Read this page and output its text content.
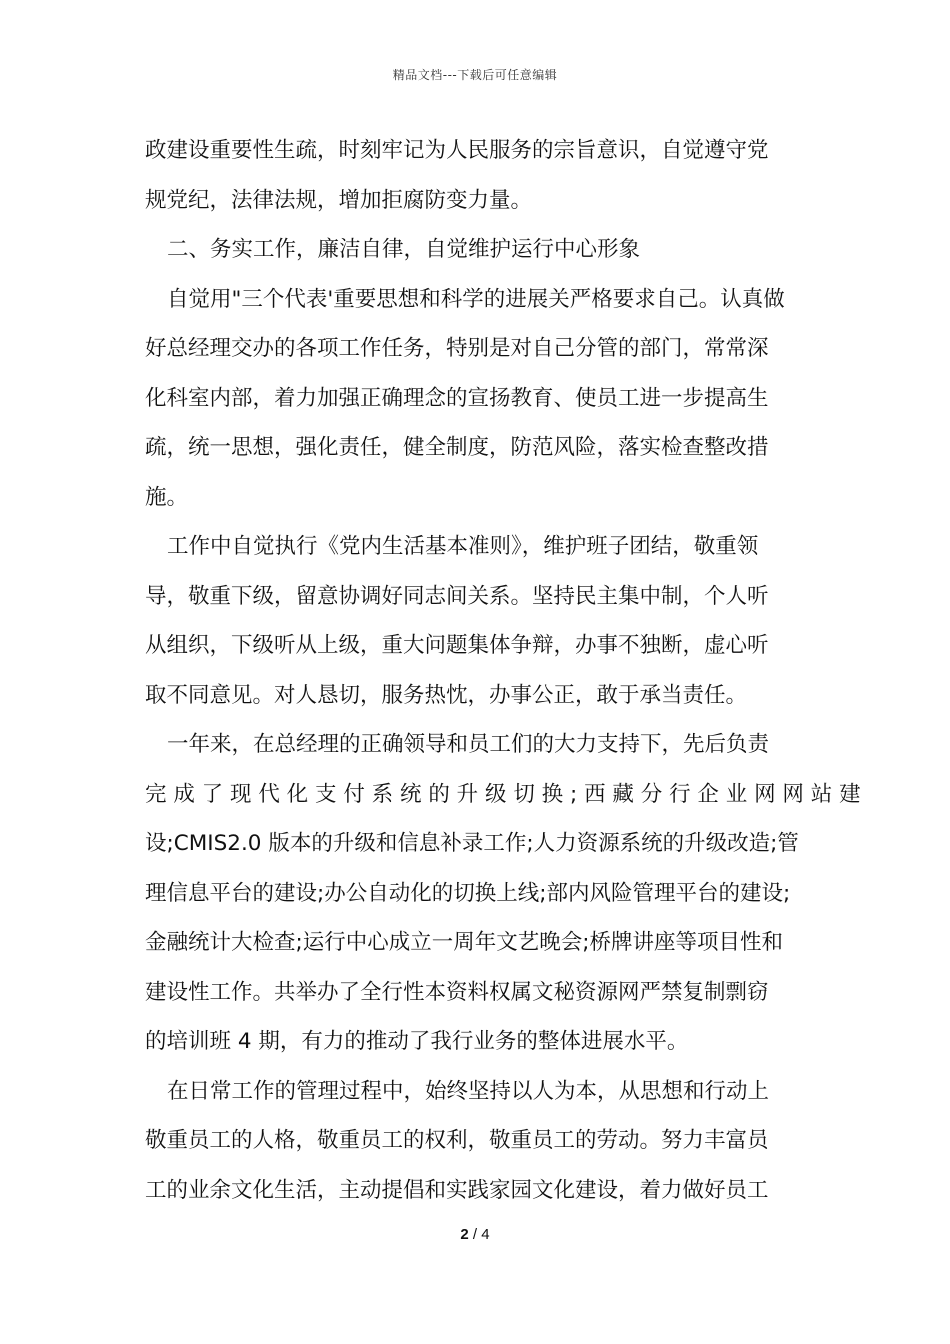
精品文档---下载后可任意编辑
政建设重要性生疏，时刻牢记为人民服务的宗旨意识，自觉遵守党
规党纪，法律法规，增加拒腐防变力量。
二、务实工作，廉洁自律，自觉维护运行中心形象
自觉用"三个代表'重要思想和科学的进展关严格要求自己。认真做
好总经理交办的各项工作任务，特别是对自己分管的部门，常常深
化科室内部，着力加强正确理念的宣扬教育、使员工进一步提高生
疏，统一思想，强化责任，健全制度，防范风险，落实检查整改措
施。
工作中自觉执行《党内生活基本准则》，维护班子团结，敬重领
导，敬重下级，留意协调好同志间关系。坚持民主集中制，个人听
从组织，下级听从上级，重大问题集体争辩，办事不独断，虚心听
取不同意见。对人恳切，服务热忱，办事公正，敢于承当责任。
一年来，在总经理的正确领导和员工们的大力支持下，先后负责
完 成 了 现 代 化 支 付 系 统 的 升 级 切 换 ; 西 藏 分 行 企 业 网 网 站 建
设;CMIS2.0 版本的升级和信息补录工作;人力资源系统的升级改造;管
理信息平台的建设;办公自动化的切换上线;部内风险管理平台的建设;
金融统计大检查;运行中心成立一周年文艺晚会;桥牌讲座等项目性和
建设性工作。共举办了全行性本资料权属文秘资源网严禁复制剽窃
的培训班 4 期，有力的推动了我行业务的整体进展水平。
在日常工作的管理过程中，始终坚持以人为本，从思想和行动上
敬重员工的人格，敬重员工的权利，敬重员工的劳动。努力丰富员
工的业余文化生活，主动提倡和实践家园文化建设，着力做好员工
2 / 4
